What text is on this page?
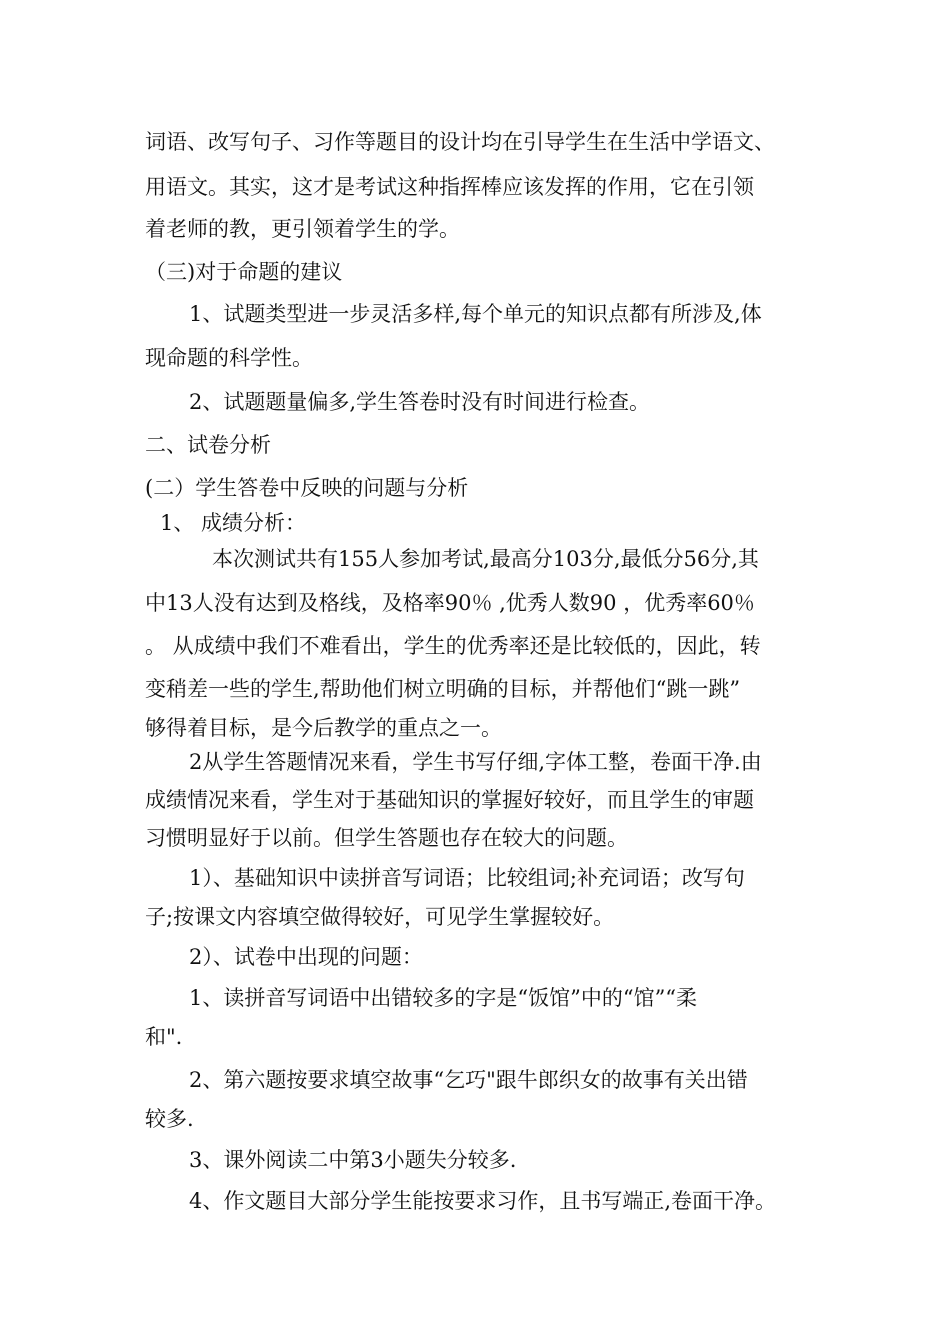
词语、改写句子、习作等题目的设计均在引导学生在生活中学语文、
用语文。其实，这才是考试这种指挥棒应该发挥的作用，它在引领
着老师的教，更引领着学生的学。
（三)对于命题的建议
1、试题类型进一步灵活多样,每个单元的知识点都有所涉及,体
现命题的科学性。
2、试题题量偏多,学生答卷时没有时间进行检查。
二、试卷分析
(二）学生答卷中反映的问题与分析
1、 成绩分析：
本次测试共有155人参加考试,最高分103分,最低分56分,其
中13人没有达到及格线，及格率90％ ,优秀人数90 ，优秀率60％
。 从成绩中我们不难看出，学生的优秀率还是比较低的，因此，转
变稍差一些的学生,帮助他们树立明确的目标，并帮他们“跳一跳”
够得着目标，是今后教学的重点之一。
2从学生答题情况来看，学生书写仔细,字体工整，卷面干净.由
成绩情况来看，学生对于基础知识的掌握好较好，而且学生的审题
习惯明显好于以前。但学生答题也存在较大的问题。
1）、基础知识中读拼音写词语；比较组词;补充词语；改写句
子;按课文内容填空做得较好，可见学生掌握较好。
2）、试卷中出现的问题：
1、读拼音写词语中出错较多的字是“饭馆”中的“馆”“柔
和".
2、第六题按要求填空故事“乞巧"跟牛郎织女的故事有关出错
较多.
3、课外阅读二中第3小题失分较多.
4、作文题目大部分学生能按要求习作，且书写端正,卷面干净。
